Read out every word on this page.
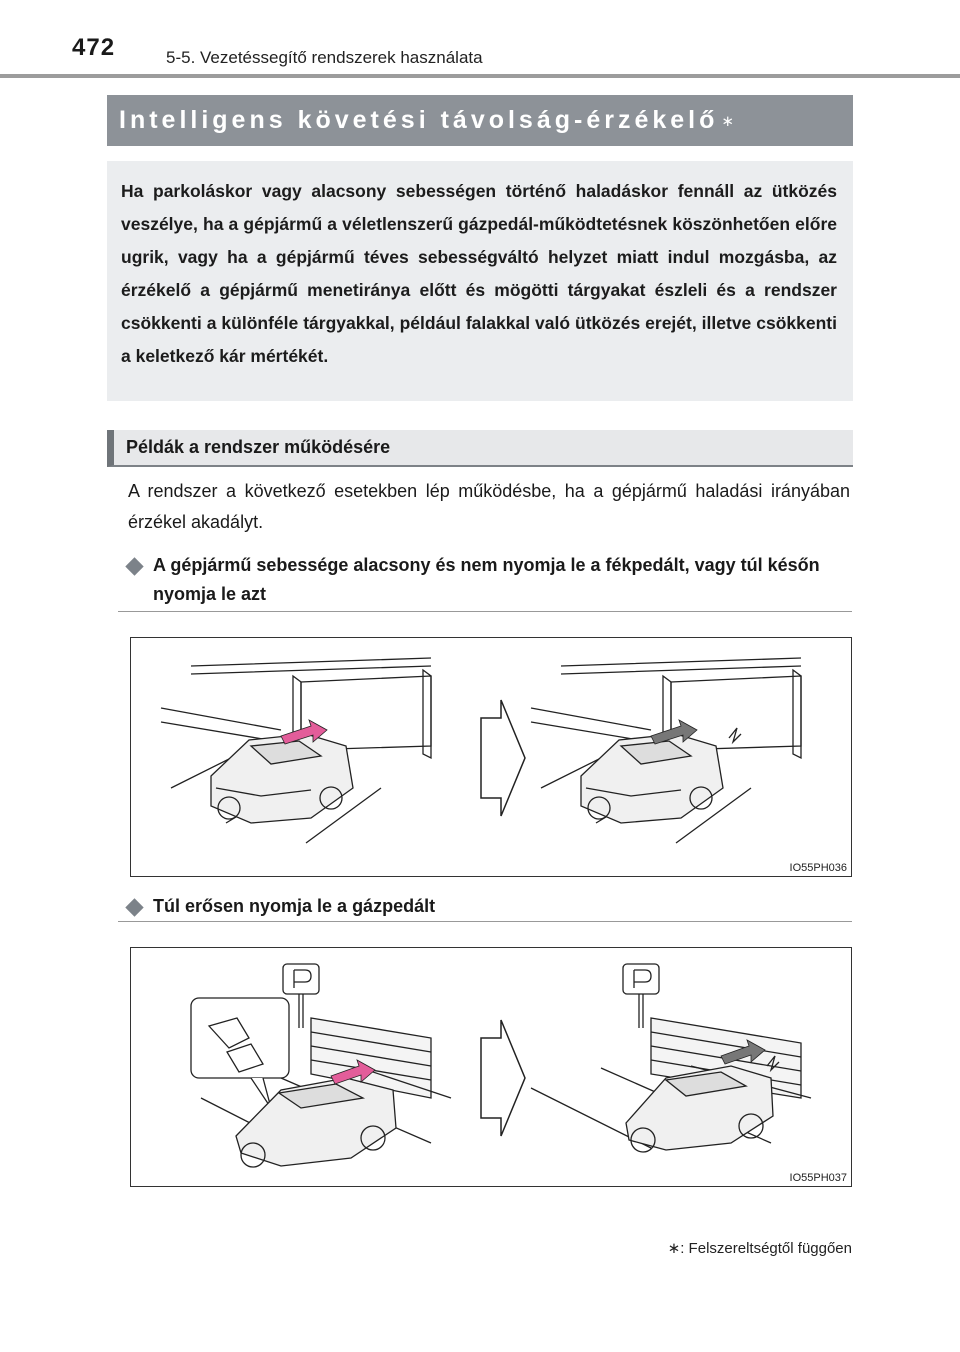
472	5-5. Vezetéssegítő rendszerek használata
Intelligens követési távolság-érzékelő ∗

Ha parkoláskor vagy alacsony sebességen történő haladáskor fennáll az ütközés veszélye, ha a gépjármű a véletlenszerű gázpedál-működtetésnek köszönhetően előre ugrik, vagy ha a gépjármű téves sebességváltó helyzet miatt indul mozgásba, az érzékelő a gépjármű menetiránya előtt és mögötti tárgyakat észleli és a rendszer csökkenti a különféle tárgyakkal, például falakkal való ütközés erejét, illetve csökkenti a keletkező kár mértékét.

Példák a rendszer működésére

A rendszer a következő esetekben lép működésbe, ha a gépjármű haladási irányában érzékel akadályt.

A gépjármű sebessége alacsony és nem nyomja le a fékpedált, vagy túl későn nyomja le azt
IO55PH036
Túl erősen nyomja le a gázpedált
IO55PH037
∗: Felszereltségtől függően
